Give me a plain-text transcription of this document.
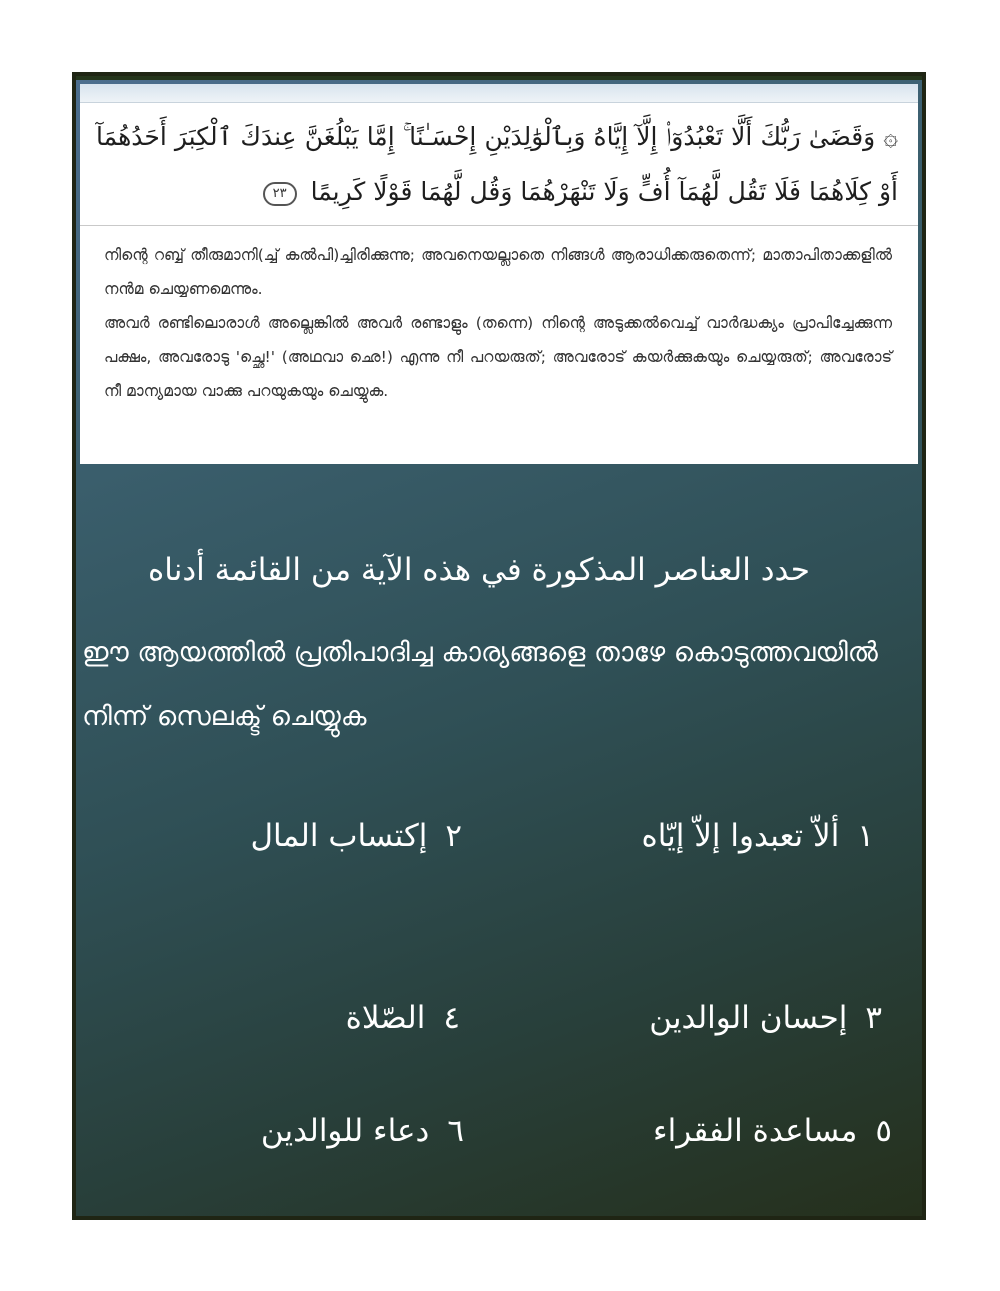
۞ وَقَضَىٰ رَبُّكَ أَلَّا تَعْبُدُوٓا۟ إِلَّآ إِيَّاهُ وَبِٱلْوَٰلِدَيْنِ إِحْسَـٰنًا ۚ إِمَّا يَبْلُغَنَّ عِندَكَ ٱلْكِبَرَ أَحَدُهُمَآ أَوْ كِلَاهُمَا فَلَا تَقُل لَّهُمَآ أُفٍّ وَلَا تَنْهَرْهُمَا وَقُل لَّهُمَا قَوْلًا كَرِيمًا ٢٣

നിന്റെ റബ്ബ് തീരുമാനി(ച്ച് കല്‍പി)ച്ചിരിക്കുന്നു; അവനെയല്ലാതെ നിങ്ങള്‍ ആരാധിക്കരുതെന്ന്; മാതാപിതാക്കളില്‍ നന്‍മ ചെയ്യണമെന്നും.

അവര്‍ രണ്ടിലൊരാള്‍ അല്ലെങ്കില്‍ അവര്‍ രണ്ടാളും (തന്നെ) നിന്റെ അടുക്കല്‍വെച്ച് വാര്‍ദ്ധക്യം പ്രാപിച്ചേക്കുന്ന പക്ഷം, അവരോടു 'ച്ഛെ!' (അഥവാ ഛെ!) എന്നു നീ പറയരുത്; അവരോട് കയര്‍ക്കുകയും ചെയ്യരുത്; അവരോട് നീ മാന്യമായ വാക്കു പറയുകയും ചെയ്യുക.

حدد العناصر المذكورة في هذه الآية من القائمة أدناه
ഈ ആയത്തില്‍ പ്രതിപാദിച്ച കാര്യങ്ങളെ താഴേ കൊടുത്തവയില്‍ നിന്ന് സെലക്ട് ചെയ്യുക
١ألاّ تعبدوا إلاّ إيّاه
٢إكتساب المال
٣إحسان الوالدين
٤الصّلاة
٥مساعدة الفقراء
٦دعاء للوالدين
